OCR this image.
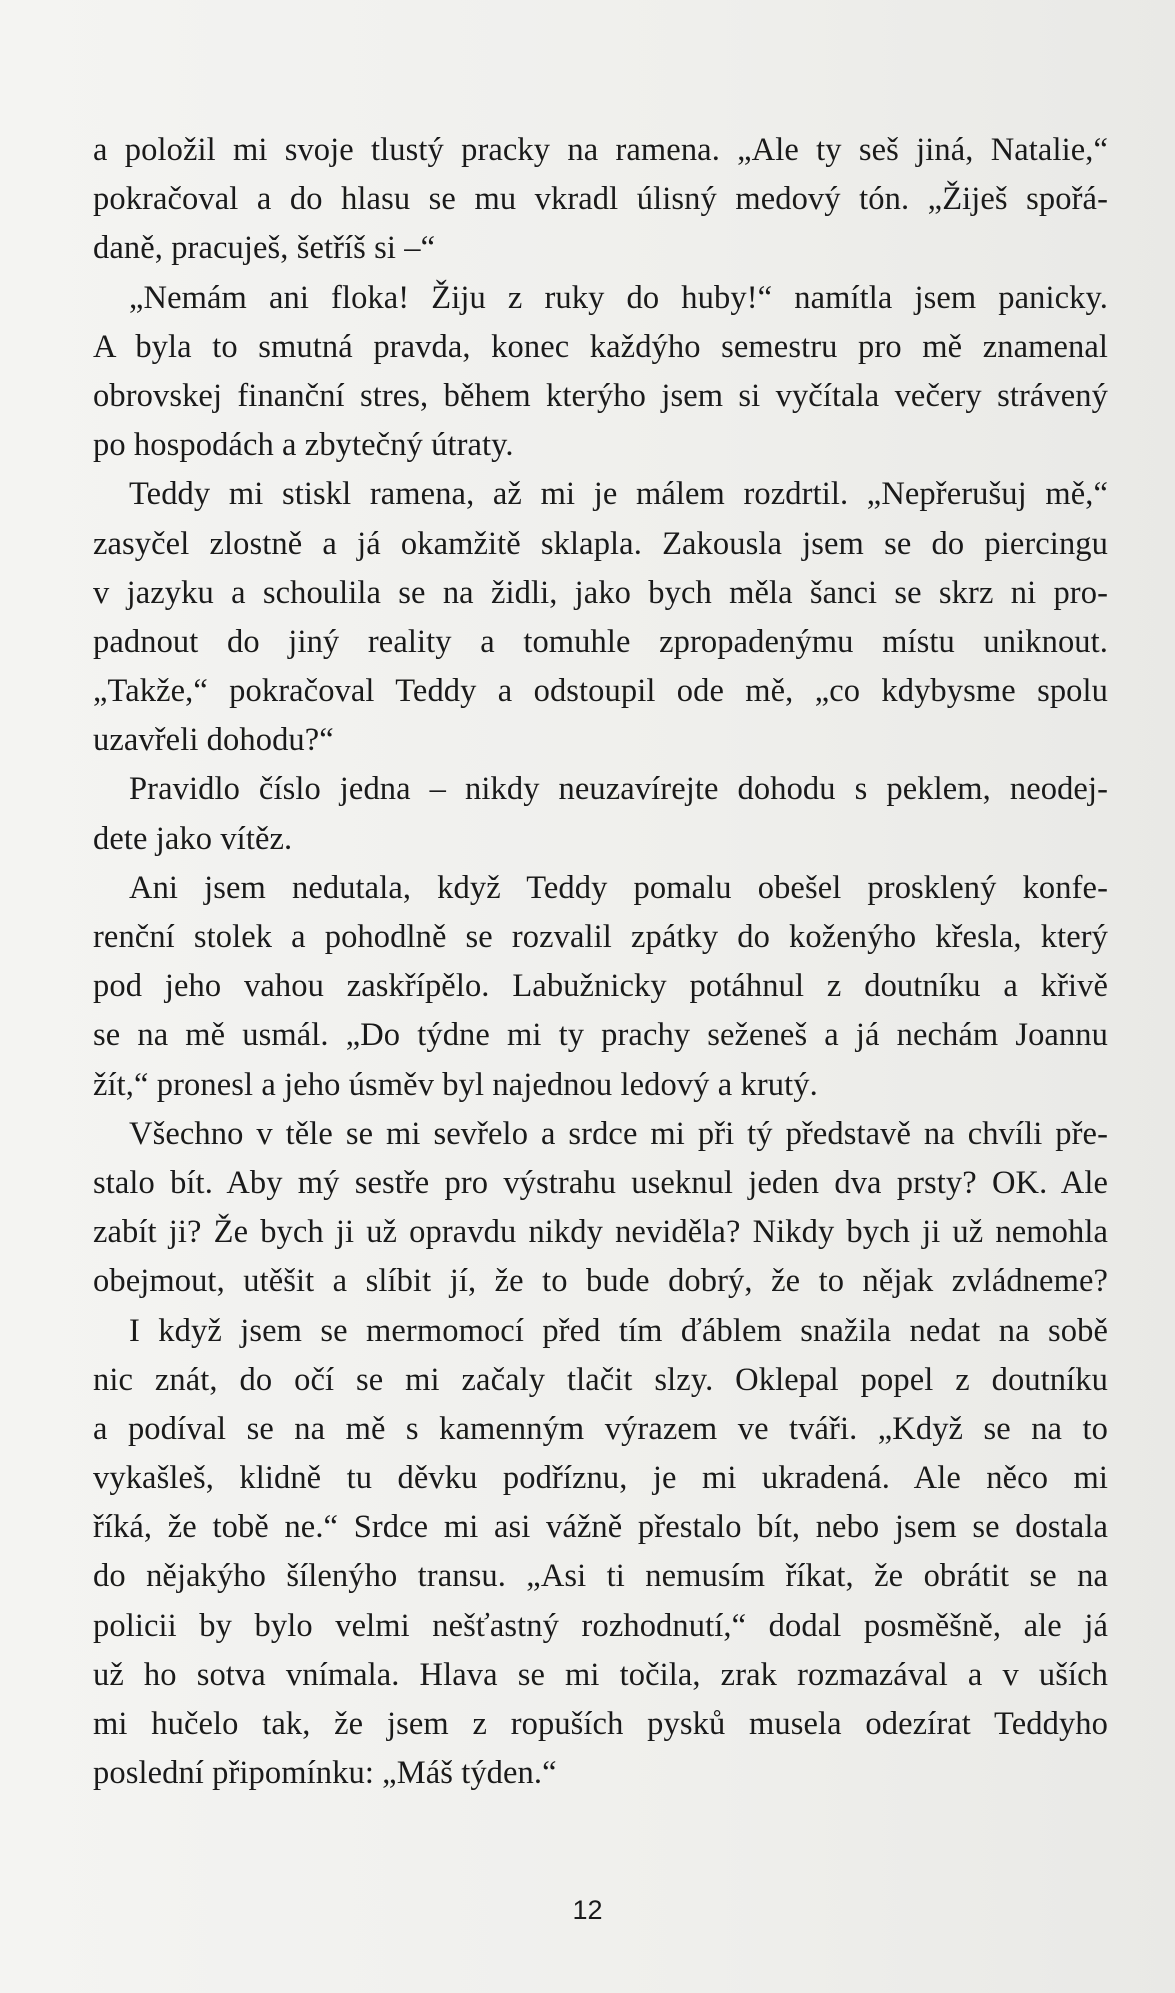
a položil mi svoje tlustý pracky na ramena. „Ale ty seš jiná, Natalie,“
pokračoval a do hlasu se mu vkradl úlisný medový tón. „Žiješ spořá-
daně, pracuješ, šetříš si –“
„Nemám ani floka! Žiju z ruky do huby!“ namítla jsem panicky.
A byla to smutná pravda, konec každýho semestru pro mě znamenal
obrovskej finanční stres, během kterýho jsem si vyčítala večery strávený
po hospodách a zbytečný útraty.
Teddy mi stiskl ramena, až mi je málem rozdrtil. „Nepřerušuj mě,“
zasyčel zlostně a já okamžitě sklapla. Zakousla jsem se do piercingu
v jazyku a schoulila se na židli, jako bych měla šanci se skrz ni pro-
padnout do jiný reality a tomuhle zpropadenýmu místu uniknout.
„Takže,“ pokračoval Teddy a odstoupil ode mě, „co kdybysme spolu
uzavřeli dohodu?“
Pravidlo číslo jedna – nikdy neuzavírejte dohodu s peklem, neodej-
dete jako vítěz.
Ani jsem nedutala, když Teddy pomalu obešel prosklený konfe-
renční stolek a pohodlně se rozvalil zpátky do koženýho křesla, který
pod jeho vahou zaskřípělo. Labužnicky potáhnul z doutníku a křivě
se na mě usmál. „Do týdne mi ty prachy seženeš a já nechám Joannu
žít,“ pronesl a jeho úsměv byl najednou ledový a krutý.
Všechno v těle se mi sevřelo a srdce mi při tý představě na chvíli pře-
stalo bít. Aby mý sestře pro výstrahu useknul jeden dva prsty? OK. Ale
zabít ji? Že bych ji už opravdu nikdy neviděla? Nikdy bych ji už nemohla
obejmout, utěšit a slíbit jí, že to bude dobrý, že to nějak zvládneme?
I když jsem se mermomocí před tím ďáblem snažila nedat na sobě
nic znát, do očí se mi začaly tlačit slzy. Oklepal popel z doutníku
a podíval se na mě s kamenným výrazem ve tváři. „Když se na to
vykašleš, klidně tu děvku podříznu, je mi ukradená. Ale něco mi
říká, že tobě ne.“ Srdce mi asi vážně přestalo bít, nebo jsem se dostala
do nějakýho šílenýho transu. „Asi ti nemusím říkat, že obrátit se na
policii by bylo velmi nešťastný rozhodnutí,“ dodal posměšně, ale já
už ho sotva vnímala. Hlava se mi točila, zrak rozmazával a v uších
mi hučelo tak, že jsem z ropuších pysků musela odezírat Teddyho
poslední připomínku: „Máš týden.“
12
